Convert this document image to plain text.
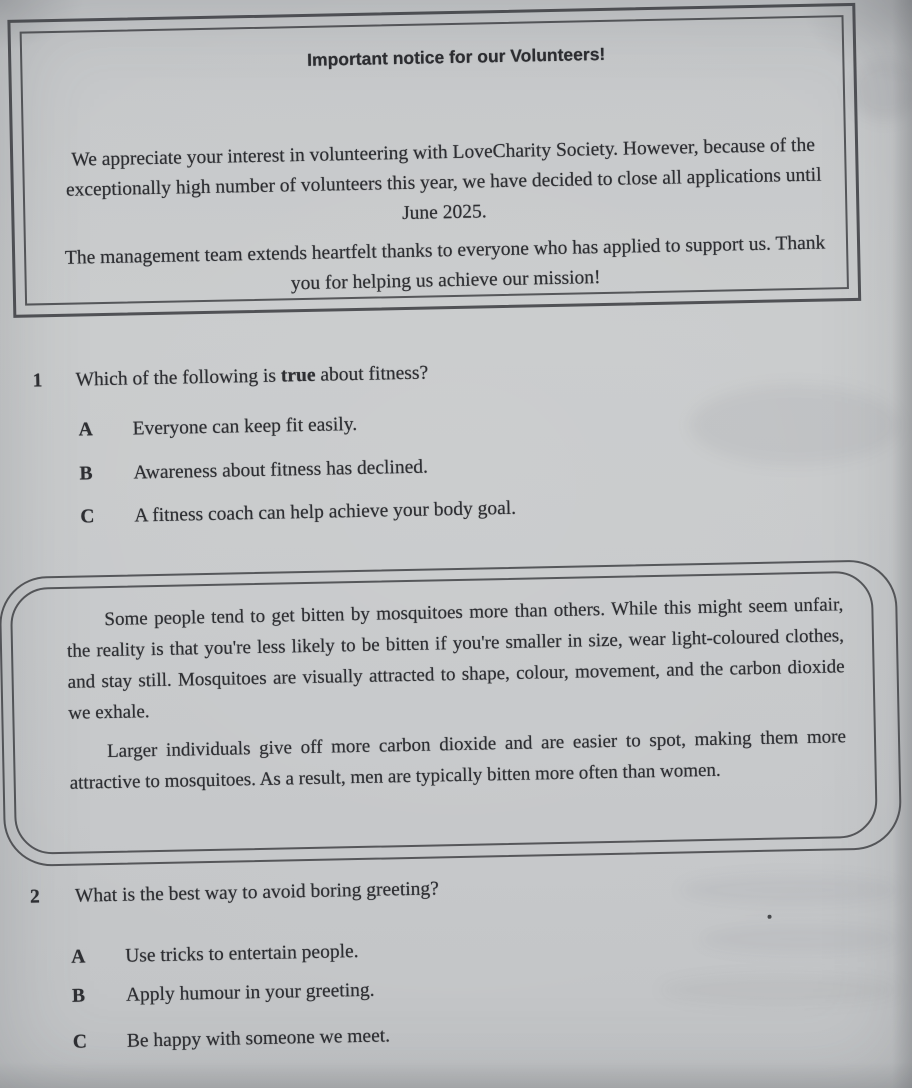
Important notice for our Volunteers!

We appreciate your interest in volunteering with LoveCharity Society. However, because of the exceptionally high number of volunteers this year, we have decided to close all applications until June 2025.

The management team extends heartfelt thanks to everyone who has applied to support us. Thank you for helping us achieve our mission!

1 Which of the following is true about fitness?
A Everyone can keep fit easily.
B Awareness about fitness has declined.
C A fitness coach can help achieve your body goal.

Some people tend to get bitten by mosquitoes more than others. While this might seem unfair, the reality is that you're less likely to be bitten if you're smaller in size, wear light-coloured clothes, and stay still. Mosquitoes are visually attracted to shape, colour, movement, and the carbon dioxide we exhale.

Larger individuals give off more carbon dioxide and are easier to spot, making them more attractive to mosquitoes. As a result, men are typically bitten more often than women.

2 What is the best way to avoid boring greeting?
A Use tricks to entertain people.
B Apply humour in your greeting.
C Be happy with someone we meet.
